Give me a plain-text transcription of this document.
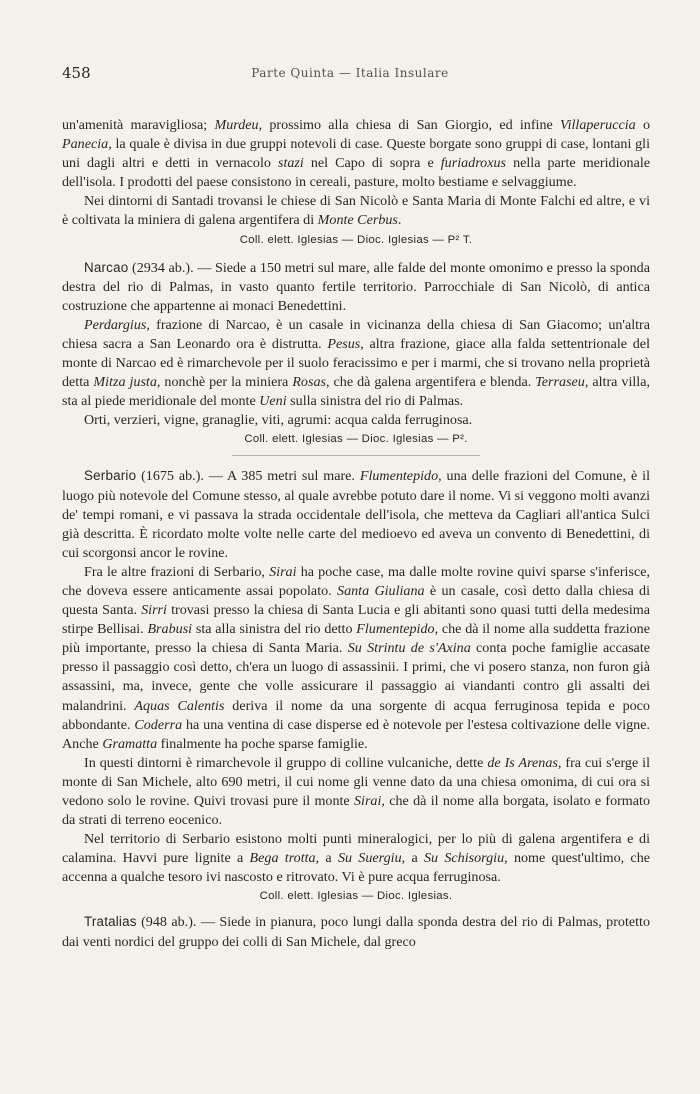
458	Parte Quinta — Italia Insulare

un'amenità maravigliosa; Murdeu, prossimo alla chiesa di San Giorgio, ed infine Villaperuccia o Panecia, la quale è divisa in due gruppi notevoli di case. Queste borgate sono gruppi di case, lontani gli uni dagli altri e detti in vernacolo stazi nel Capo di sopra e furiadroxus nella parte meridionale dell'isola. I prodotti del paese consistono in cereali, pasture, molto bestiame e selvaggiume.

Nei dintorni di Santadi trovansi le chiese di San Nicolò e Santa Maria di Monte Falchi ed altre, e vi è coltivata la miniera di galena argentifera di Monte Cerbus.

Coll. elett. Iglesias — Dioc. Iglesias — P² T.

Narcao (2934 ab.). — Siede a 150 metri sul mare, alle falde del monte omonimo e presso la sponda destra del rio di Palmas, in vasto quanto fertile territorio. Parrocchiale di San Nicolò, di antica costruzione che appartenne ai monaci Benedettini.

Perdargius, frazione di Narcao, è un casale in vicinanza della chiesa di San Giacomo; un'altra chiesa sacra a San Leonardo ora è distrutta. Pesus, altra frazione, giace alla falda settentrionale del monte di Narcao ed è rimarchevole per il suolo feracissimo e per i marmi, che si trovano nella proprietà detta Mitza justa, nonchè per la miniera Rosas, che dà galena argentifera e blenda. Terraseu, altra villa, sta al piede meridionale del monte Ueni sulla sinistra del rio di Palmas.

Orti, verzieri, vigne, granaglie, viti, agrumi: acqua calda ferruginosa.

Coll. elett. Iglesias — Dioc. Iglesias — P².

Serbario (1675 ab.). — A 385 metri sul mare. Flumentepido, una delle frazioni del Comune, è il luogo più notevole del Comune stesso, al quale avrebbe potuto dare il nome. Vi si veggono molti avanzi de' tempi romani, e vi passava la strada occidentale dell'isola, che metteva da Cagliari all'antica Sulci già descritta. È ricordato molte volte nelle carte del medioevo ed aveva un convento di Benedettini, di cui scorgonsi ancor le rovine.

Fra le altre frazioni di Serbario, Sirai ha poche case, ma dalle molte rovine quivi sparse s'inferisce, che doveva essere anticamente assai popolato. Santa Giuliana è un casale, così detto dalla chiesa di questa Santa. Sirri trovasi presso la chiesa di Santa Lucia e gli abitanti sono quasi tutti della medesima stirpe Bellisai. Brabusi sta alla sinistra del rio detto Flumentepido, che dà il nome alla suddetta frazione più importante, presso la chiesa di Santa Maria. Su Strintu de s'Axina conta poche famiglie accasate presso il passaggio così detto, ch'era un luogo di assassinii. I primi, che vi posero stanza, non furon già assassini, ma, invece, gente che volle assicurare il passaggio ai viandanti contro gli assalti dei malandrini. Aquas Calentis deriva il nome da una sorgente di acqua ferruginosa tepida e poco abbondante. Coderra ha una ventina di case disperse ed è notevole per l'estesa coltivazione delle vigne. Anche Gramatta finalmente ha poche sparse famiglie.

In questi dintorni è rimarchevole il gruppo di colline vulcaniche, dette de Is Arenas, fra cui s'erge il monte di San Michele, alto 690 metri, il cui nome gli venne dato da una chiesa omonima, di cui ora si vedono solo le rovine. Quivi trovasi pure il monte Sirai, che dà il nome alla borgata, isolato e formato da strati di terreno eocenico.

Nel territorio di Serbario esistono molti punti mineralogici, per lo più di galena argentifera e di calamina. Havvi pure lignite a Bega trotta, a Su Suergiu, a Su Schisorgiu, nome quest'ultimo, che accenna a qualche tesoro ivi nascosto e ritrovato. Vi è pure acqua ferruginosa.

Coll. elett. Iglesias — Dioc. Iglesias.

Tratalias (948 ab.). — Siede in pianura, poco lungi dalla sponda destra del rio di Palmas, protetto dai venti nordici del gruppo dei colli di San Michele, dal greco
